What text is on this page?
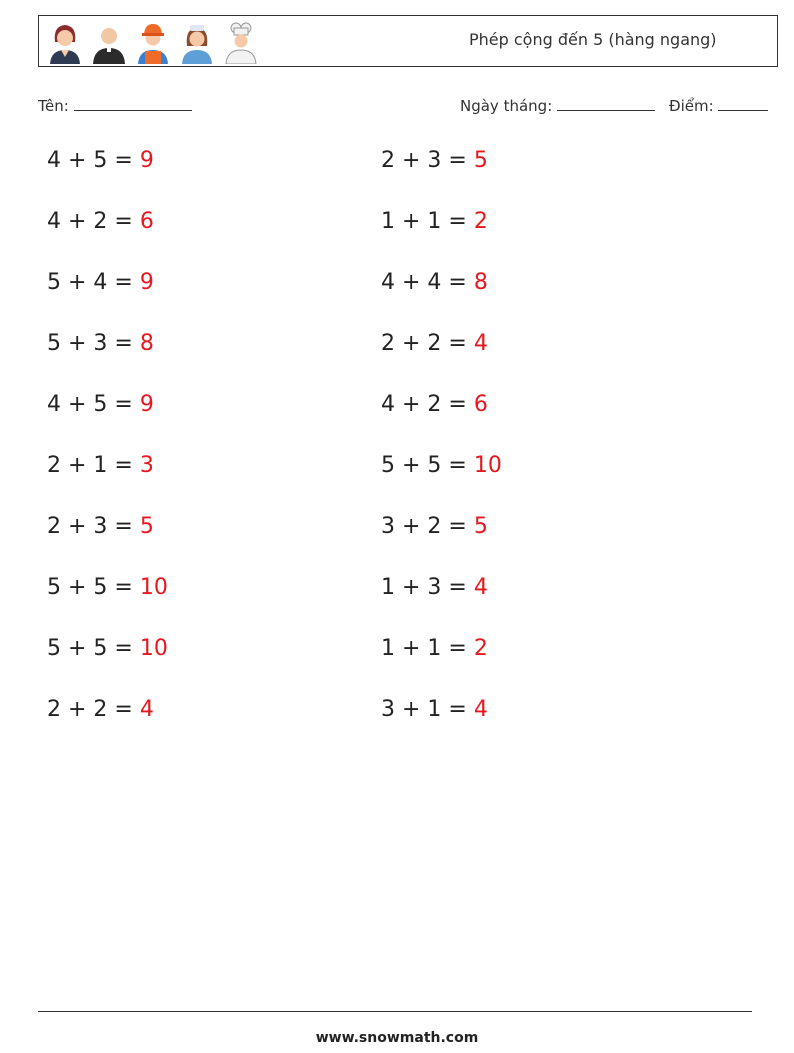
Phép cộng đến 5 (hàng ngang)
Tên:	Ngày tháng:	Điểm:
4 + 5 = 9
4 + 2 = 6
5 + 4 = 9
5 + 3 = 8
4 + 5 = 9
2 + 1 = 3
2 + 3 = 5
5 + 5 = 10
5 + 5 = 10
2 + 2 = 4
2 + 3 = 5
1 + 1 = 2
4 + 4 = 8
2 + 2 = 4
4 + 2 = 6
5 + 5 = 10
3 + 2 = 5
1 + 3 = 4
1 + 1 = 2
3 + 1 = 4
www.snowmath.com
